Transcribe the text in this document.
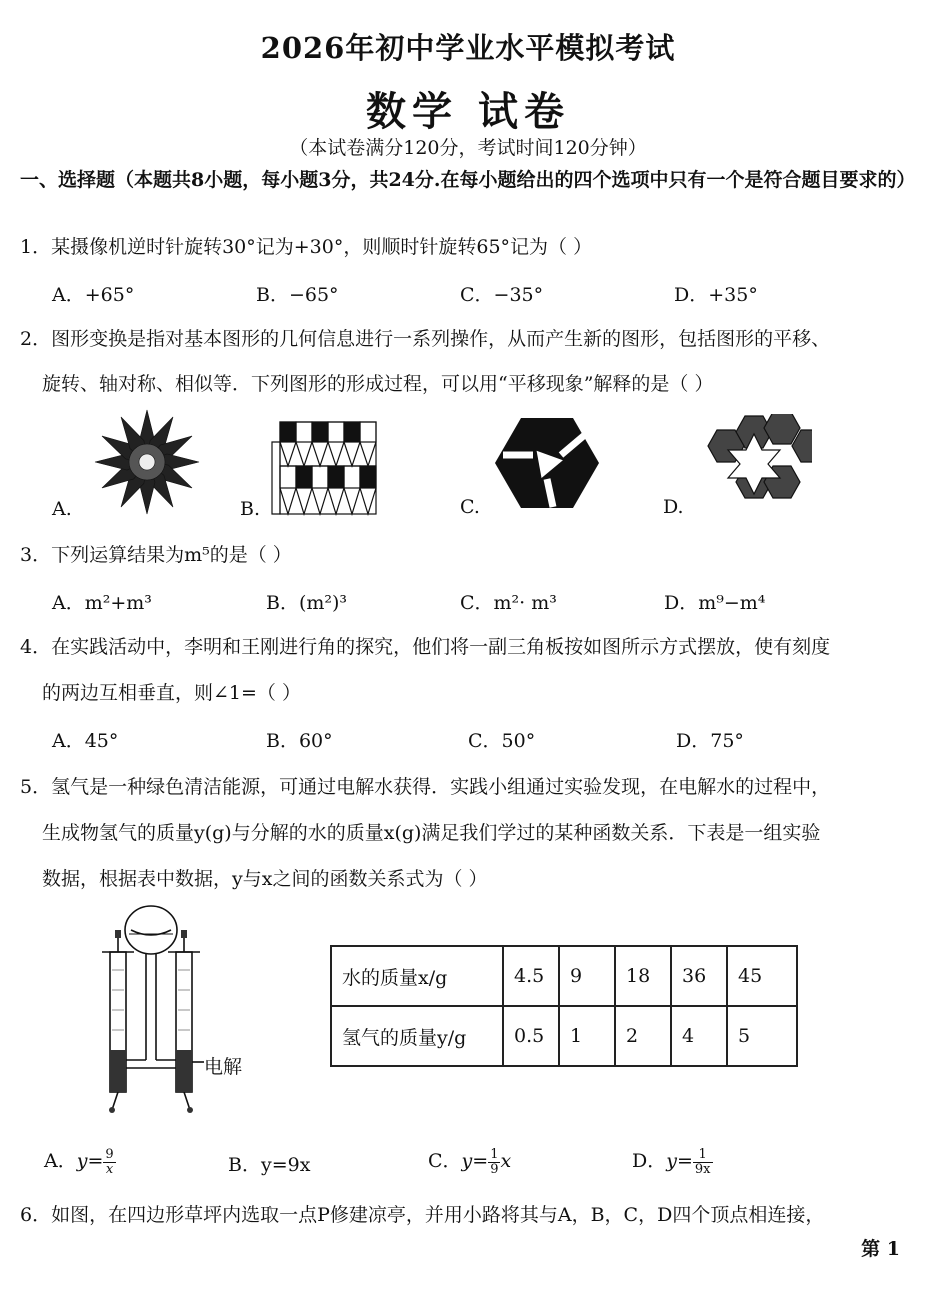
2026年初中学业水平模拟考试
数学 试卷
（本试卷满分120分，考试时间120分钟）
一、选择题（本题共8小题，每小题3分，共24分.在每小题给出的四个选项中只有一个是符合题目要求的）
1．某摄像机逆时针旋转30°记为+30°，则顺时针旋转65°记为（ ）
A．+65°	B．−65°	C．−35°	D．+35°
2．图形变换是指对基本图形的几何信息进行一系列操作，从而产生新的图形，包括图形的平移、
旋转、轴对称、相似等．下列图形的形成过程，可以用“平移现象”解释的是（ ）
A.	B.	C.	D.
3．下列运算结果为m⁵的是（ ）
A．m²+m³	B．(m²)³	C．m²· m³	D．m⁹−m⁴
4．在实践活动中，李明和王刚进行角的探究，他们将一副三角板按如图所示方式摆放，使有刻度
的两边互相垂直，则∠1=（ ）
A．45°	B．60°	C．50°	D．75°
5．氢气是一种绿色清洁能源，可通过电解水获得．实践小组通过实验发现，在电解水的过程中，
生成物氢气的质量y(g)与分解的水的质量x(g)满足我们学过的某种函数关系．下表是一组实验
数据，根据表中数据，y与x之间的函数关系式为（ ）
电解
水的质量x/g	4.5	9	18	36	45
氢气的质量y/g	0.5	1	2	4	5
A．$y= \frac{9}{x}$	B．y=9x	C．$y= \frac{1}{9}$ x	D．$y= \frac{1}{9x}$
6．如图，在四边形草坪内选取一点P修建凉亭，并用小路将其与A，B，C，D四个顶点相连接，
第 1
